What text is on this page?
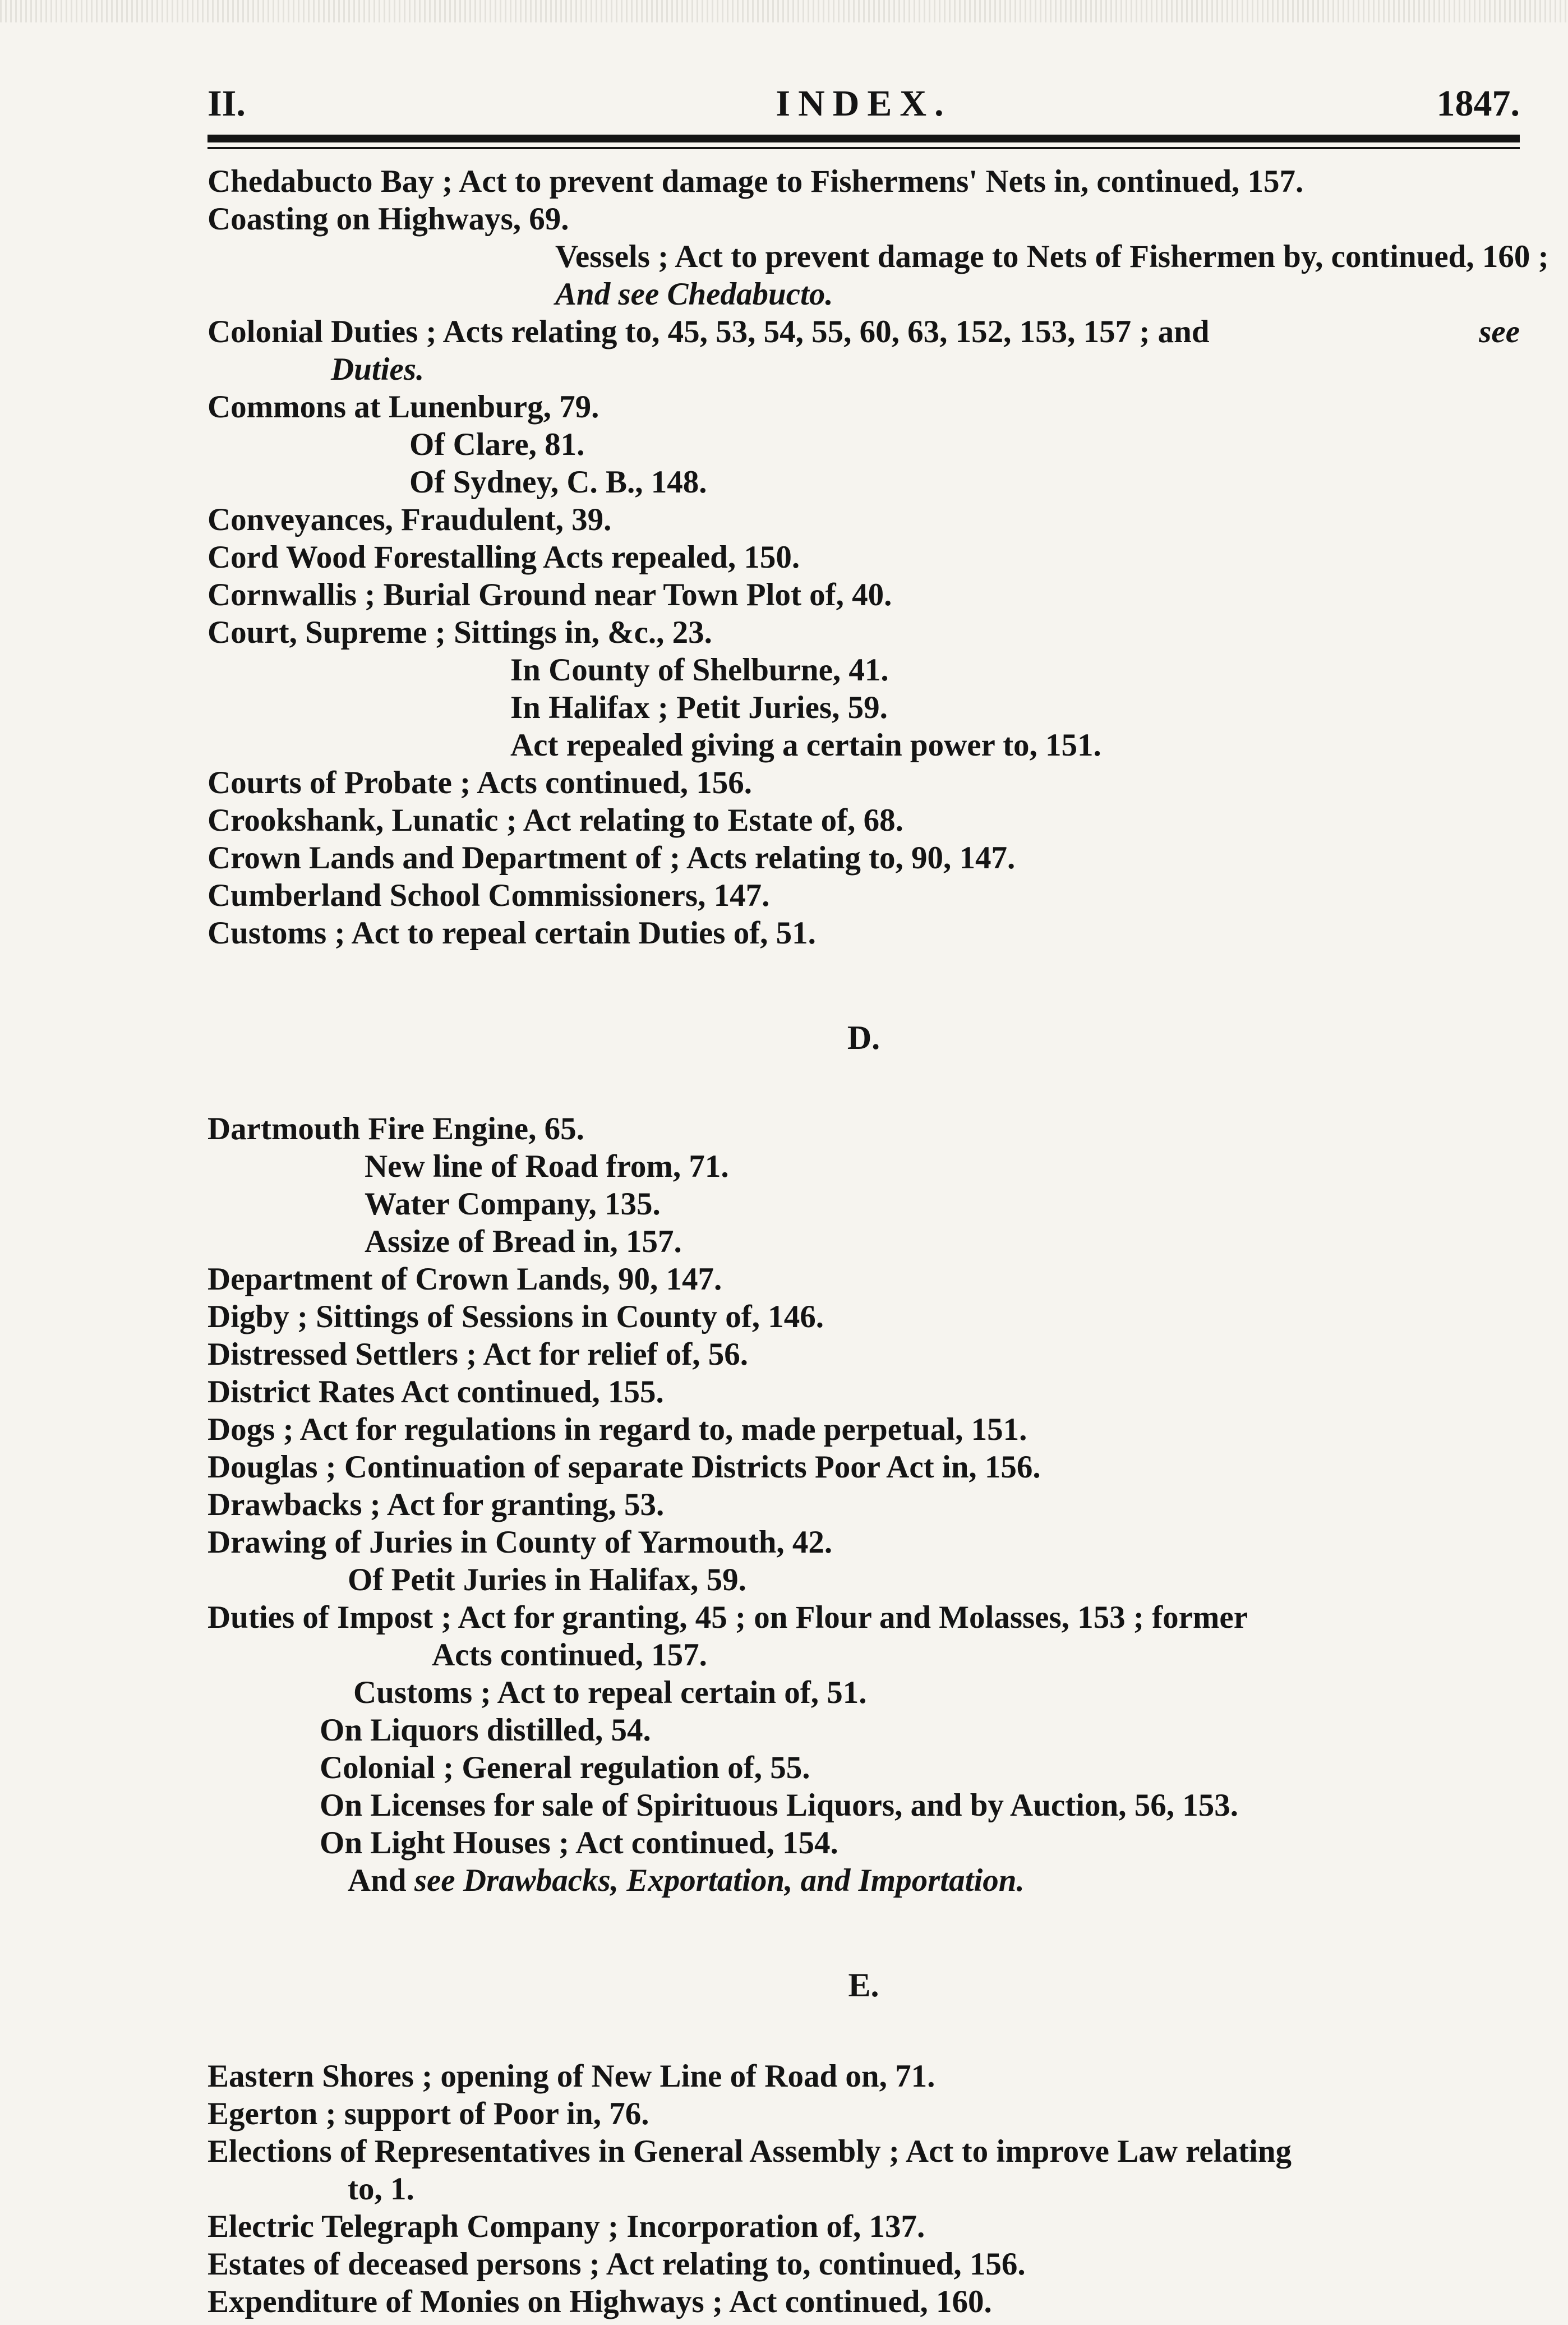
II.	INDEX.	1847.
Chedabucto Bay ; Act to prevent damage to Fishermens' Nets in, continued, 157.
Coasting on Highways, 69.
Vessels ; Act to prevent damage to Nets of Fishermen by, continued, 160 ;
And see Chedabucto.
Colonial Duties ; Acts relating to, 45, 53, 54, 55, 60, 63, 152, 153, 157 ; and	see
Duties.
Commons at Lunenburg, 79.
Of Clare, 81.
Of Sydney, C. B., 148.
Conveyances, Fraudulent, 39.
Cord Wood Forestalling Acts repealed, 150.
Cornwallis ; Burial Ground near Town Plot of, 40.
Court, Supreme ; Sittings in, &c., 23.
In County of Shelburne, 41.
In Halifax ; Petit Juries, 59.
Act repealed giving a certain power to, 151.
Courts of Probate ; Acts continued, 156.
Crookshank, Lunatic ; Act relating to Estate of, 68.
Crown Lands and Department of ; Acts relating to, 90, 147.
Cumberland School Commissioners, 147.
Customs ; Act to repeal certain Duties of, 51.
D.
Dartmouth Fire Engine, 65.
New line of Road from, 71.
Water Company, 135.
Assize of Bread in, 157.
Department of Crown Lands, 90, 147.
Digby ; Sittings of Sessions in County of, 146.
Distressed Settlers ; Act for relief of, 56.
District Rates Act continued, 155.
Dogs ; Act for regulations in regard to, made perpetual, 151.
Douglas ; Continuation of separate Districts Poor Act in, 156.
Drawbacks ; Act for granting, 53.
Drawing of Juries in County of Yarmouth, 42.
Of Petit Juries in Halifax, 59.
Duties of Impost ; Act for granting, 45 ; on Flour and Molasses, 153 ; former
Acts continued, 157.
Customs ; Act to repeal certain of, 51.
On Liquors distilled, 54.
Colonial ; General regulation of, 55.
On Licenses for sale of Spirituous Liquors, and by Auction, 56, 153.
On Light Houses ; Act continued, 154.
And see Drawbacks, Exportation, and Importation.
E.
Eastern Shores ; opening of New Line of Road on, 71.
Egerton ; support of Poor in, 76.
Elections of Representatives in General Assembly ; Act to improve Law relating
to, 1.
Electric Telegraph Company ; Incorporation of, 137.
Estates of deceased persons ; Act relating to, continued, 156.
Expenditure of Monies on Highways ; Act continued, 160.
